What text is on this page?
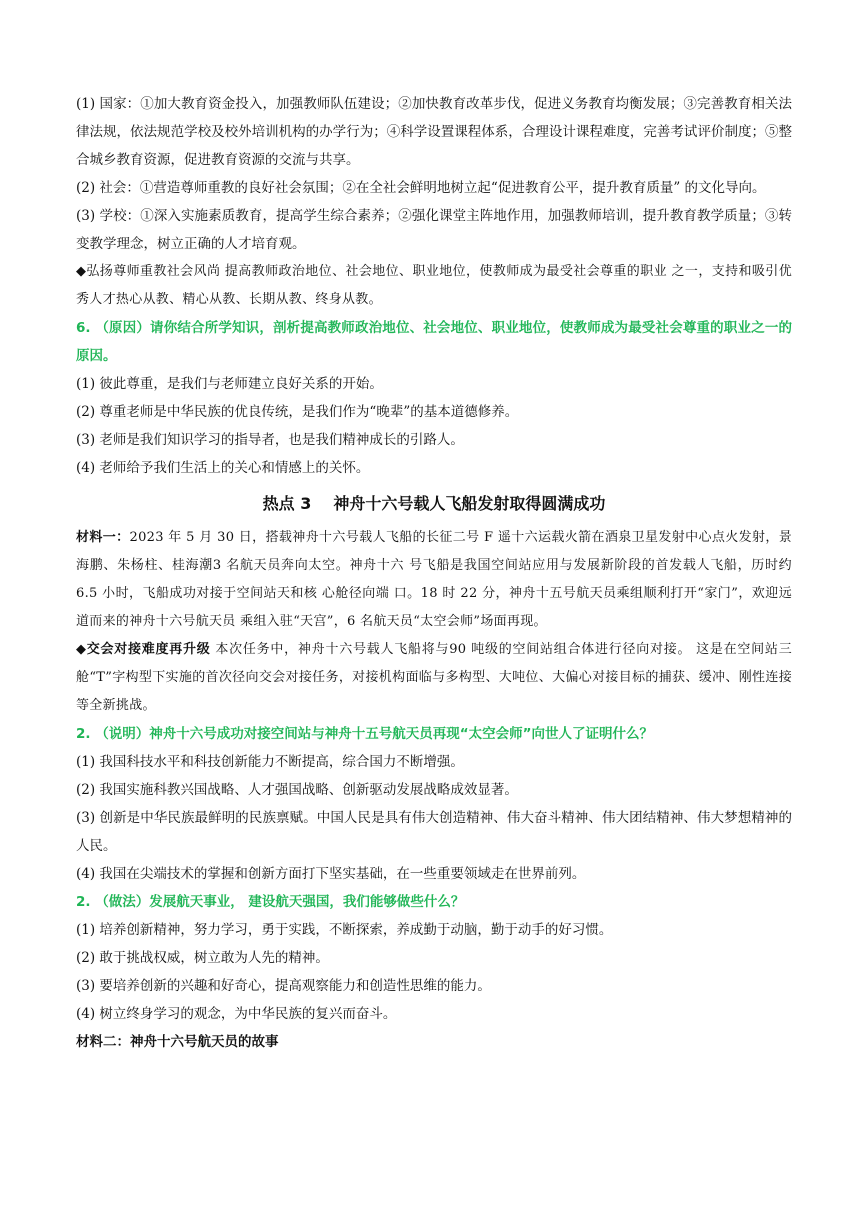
(1) 国家：①加大教育资金投入，加强教师队伍建设；②加快教育改革步伐，促进义务教育均衡发展；③完善教育相关法律法规，依法规范学校及校外培训机构的办学行为；④科学设置课程体系，合理设计课程难度，完善考试评价制度；⑤整合城乡教育资源，促进教育资源的交流与共享。

(2) 社会：①营造尊师重教的良好社会氛围；②在全社会鲜明地树立起“促进教育公平，提升教育质量” 的文化导向。

(3) 学校：①深入实施素质教育，提高学生综合素养；②强化课堂主阵地作用，加强教师培训，提升教育教学质量；③转变教学理念，树立正确的人才培育观。

◆弘扬尊师重教社会风尚 提高教师政治地位、社会地位、职业地位，使教师成为最受社会尊重的职业 之一，支持和吸引优秀人才热心从教、精心从教、长期从教、终身从教。

6. （原因）请你结合所学知识，剖析提高教师政治地位、社会地位、职业地位，使教师成为最受社会尊重的职业之一的原因。

(1) 彼此尊重，是我们与老师建立良好关系的开始。

(2) 尊重老师是中华民族的优良传统，是我们作为“晚辈”的基本道德修养。

(3) 老师是我们知识学习的指导者，也是我们精神成长的引路人。

(4) 老师给予我们生活上的关心和情感上的关怀。

热点 3 神舟十六号载人飞船发射取得圆满成功

材料一：2023 年 5 月 30 日，搭载神舟十六号载人飞船的长征二号 F 遥十六运载火箭在酒泉卫星发射中心点火发射，景海鹏、朱杨柱、桂海潮3 名航天员奔向太空。神舟十六 号飞船是我国空间站应用与发展新阶段的首发载人飞船，历时约 6.5 小时，飞船成功对接于空间站天和核 心舱径向端 口。18 时 22 分，神舟十五号航天员乘组顺利打开“家门”，欢迎远道而来的神舟十六号航天员 乘组入驻“天宫”，6 名航天员“太空会师”场面再现。

◆交会对接难度再升级 本次任务中，神舟十六号载人飞船将与90 吨级的空间站组合体进行径向对接。 这是在空间站三舱“T”字构型下实施的首次径向交会对接任务，对接机构面临与多构型、大吨位、大偏心对接目标的捕获、缓冲、刚性连接等全新挑战。

2. （说明）神舟十六号成功对接空间站与神舟十五号航天员再现“太空会师”向世人了证明什么？

(1) 我国科技水平和科技创新能力不断提高，综合国力不断增强。

(2) 我国实施科教兴国战略、人才强国战略、创新驱动发展战略成效显著。

(3) 创新是中华民族最鲜明的民族禀赋。中国人民是具有伟大创造精神、伟大奋斗精神、伟大团结精神、伟大梦想精神的人民。

(4) 我国在尖端技术的掌握和创新方面打下坚实基础，在一些重要领域走在世界前列。

2. （做法）发展航天事业， 建设航天强国，我们能够做些什么？

(1) 培养创新精神，努力学习，勇于实践，不断探索，养成勤于动脑，勤于动手的好习惯。

(2) 敢于挑战权威，树立敢为人先的精神。

(3) 要培养创新的兴趣和好奇心，提高观察能力和创造性思维的能力。

(4) 树立终身学习的观念，为中华民族的复兴而奋斗。

材料二：神舟十六号航天员的故事
